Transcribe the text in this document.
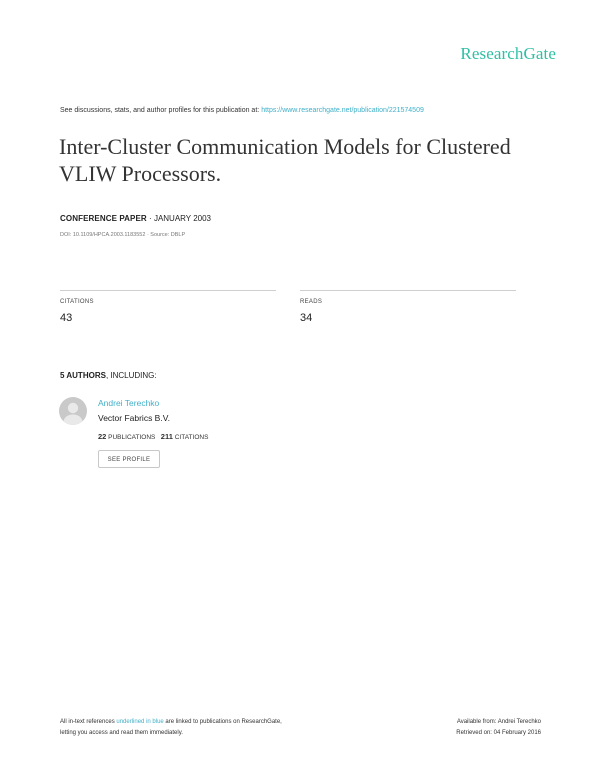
ResearchGate
See discussions, stats, and author profiles for this publication at: https://www.researchgate.net/publication/221574509
Inter-Cluster Communication Models for Clustered VLIW Processors.
CONFERENCE PAPER · JANUARY 2003
DOI: 10.1109/HPCA.2003.1183552 · Source: DBLP
CITATIONS
43
READS
34
5 AUTHORS, INCLUDING:
Andrei Terechko
Vector Fabrics B.V.
22 PUBLICATIONS 211 CITATIONS
SEE PROFILE
All in-text references underlined in blue are linked to publications on ResearchGate,
letting you access and read them immediately.
Available from: Andrei Terechko
Retrieved on: 04 February 2016
